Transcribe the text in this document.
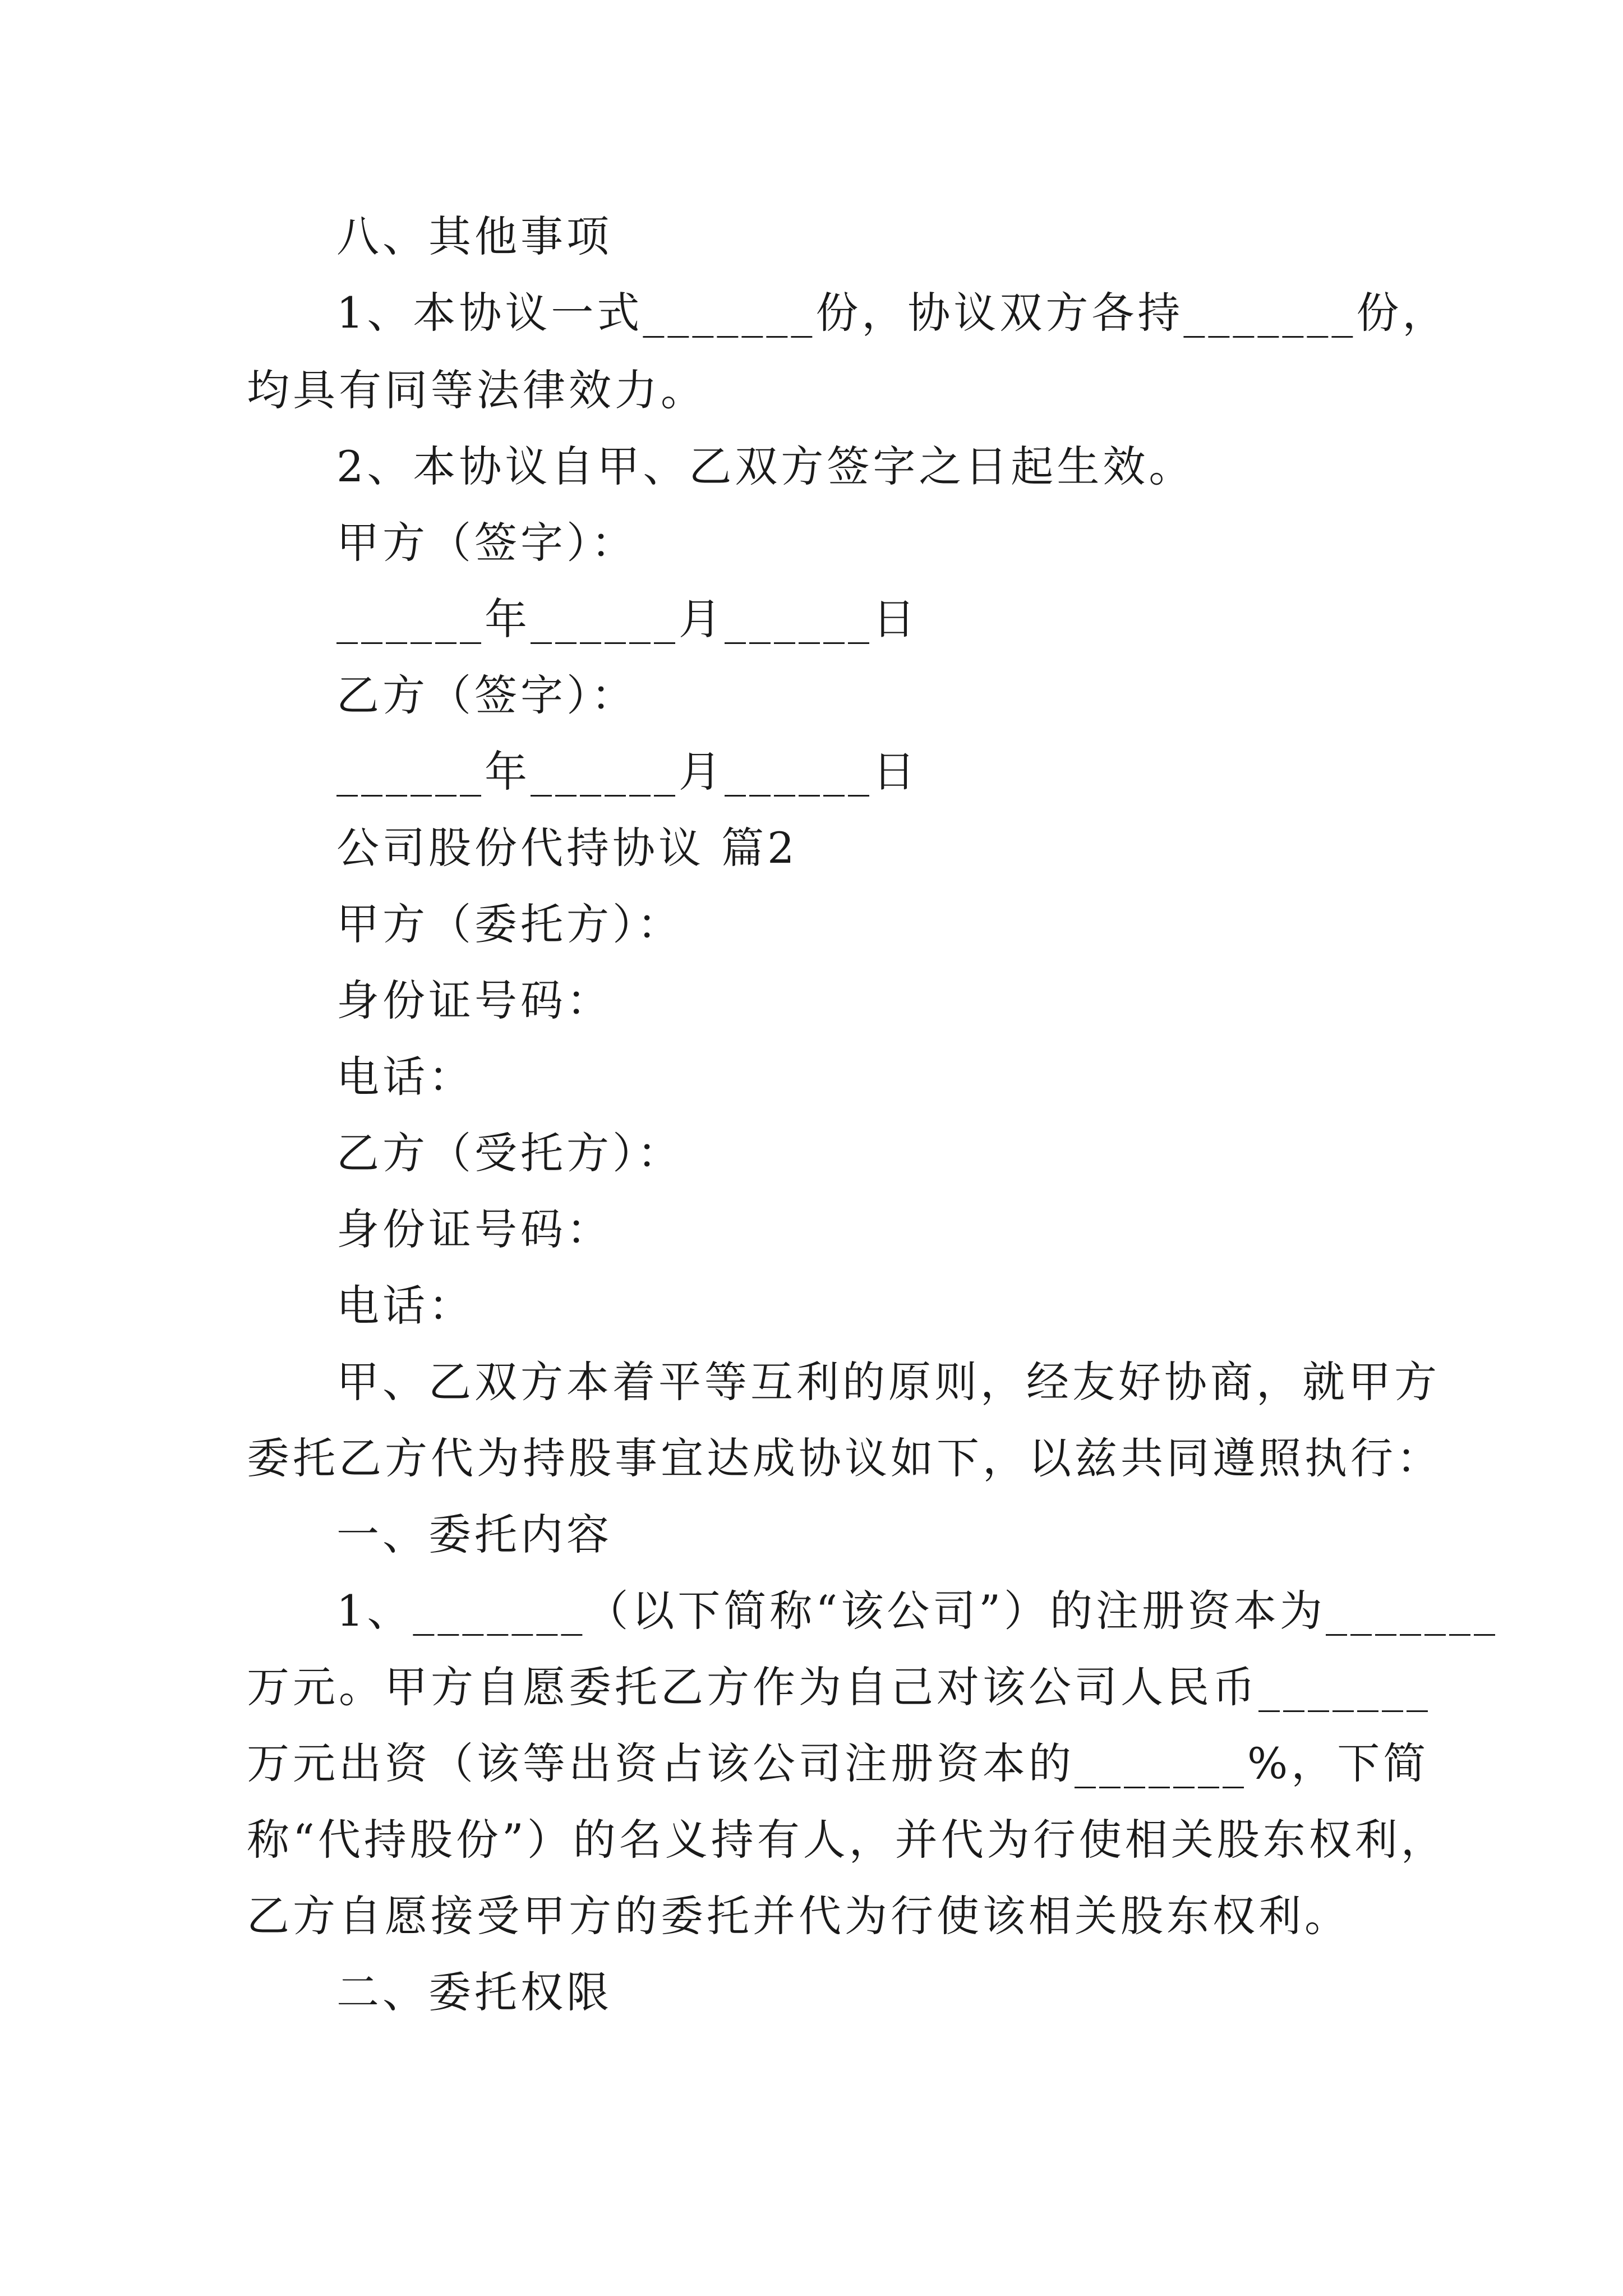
八、其他事项
1、本协议一式_______份，协议双方各持_______份，
均具有同等法律效力。
2、本协议自甲、乙双方签字之日起生效。
甲方（签字）：
______年______月______日
乙方（签字）：
______年______月______日
公司股份代持协议 篇2
甲方（委托方）：
身份证号码：
电话：
乙方（受托方）：
身份证号码：
电话：
甲、乙双方本着平等互利的原则，经友好协商，就甲方
委托乙方代为持股事宜达成协议如下，以兹共同遵照执行：
一、委托内容
1、_______（以下简称“该公司”）的注册资本为_______
万元。甲方自愿委托乙方作为自己对该公司人民币_______
万元出资（该等出资占该公司注册资本的_______%，下简
称“代持股份”）的名义持有人，并代为行使相关股东权利，
乙方自愿接受甲方的委托并代为行使该相关股东权利。
二、委托权限
